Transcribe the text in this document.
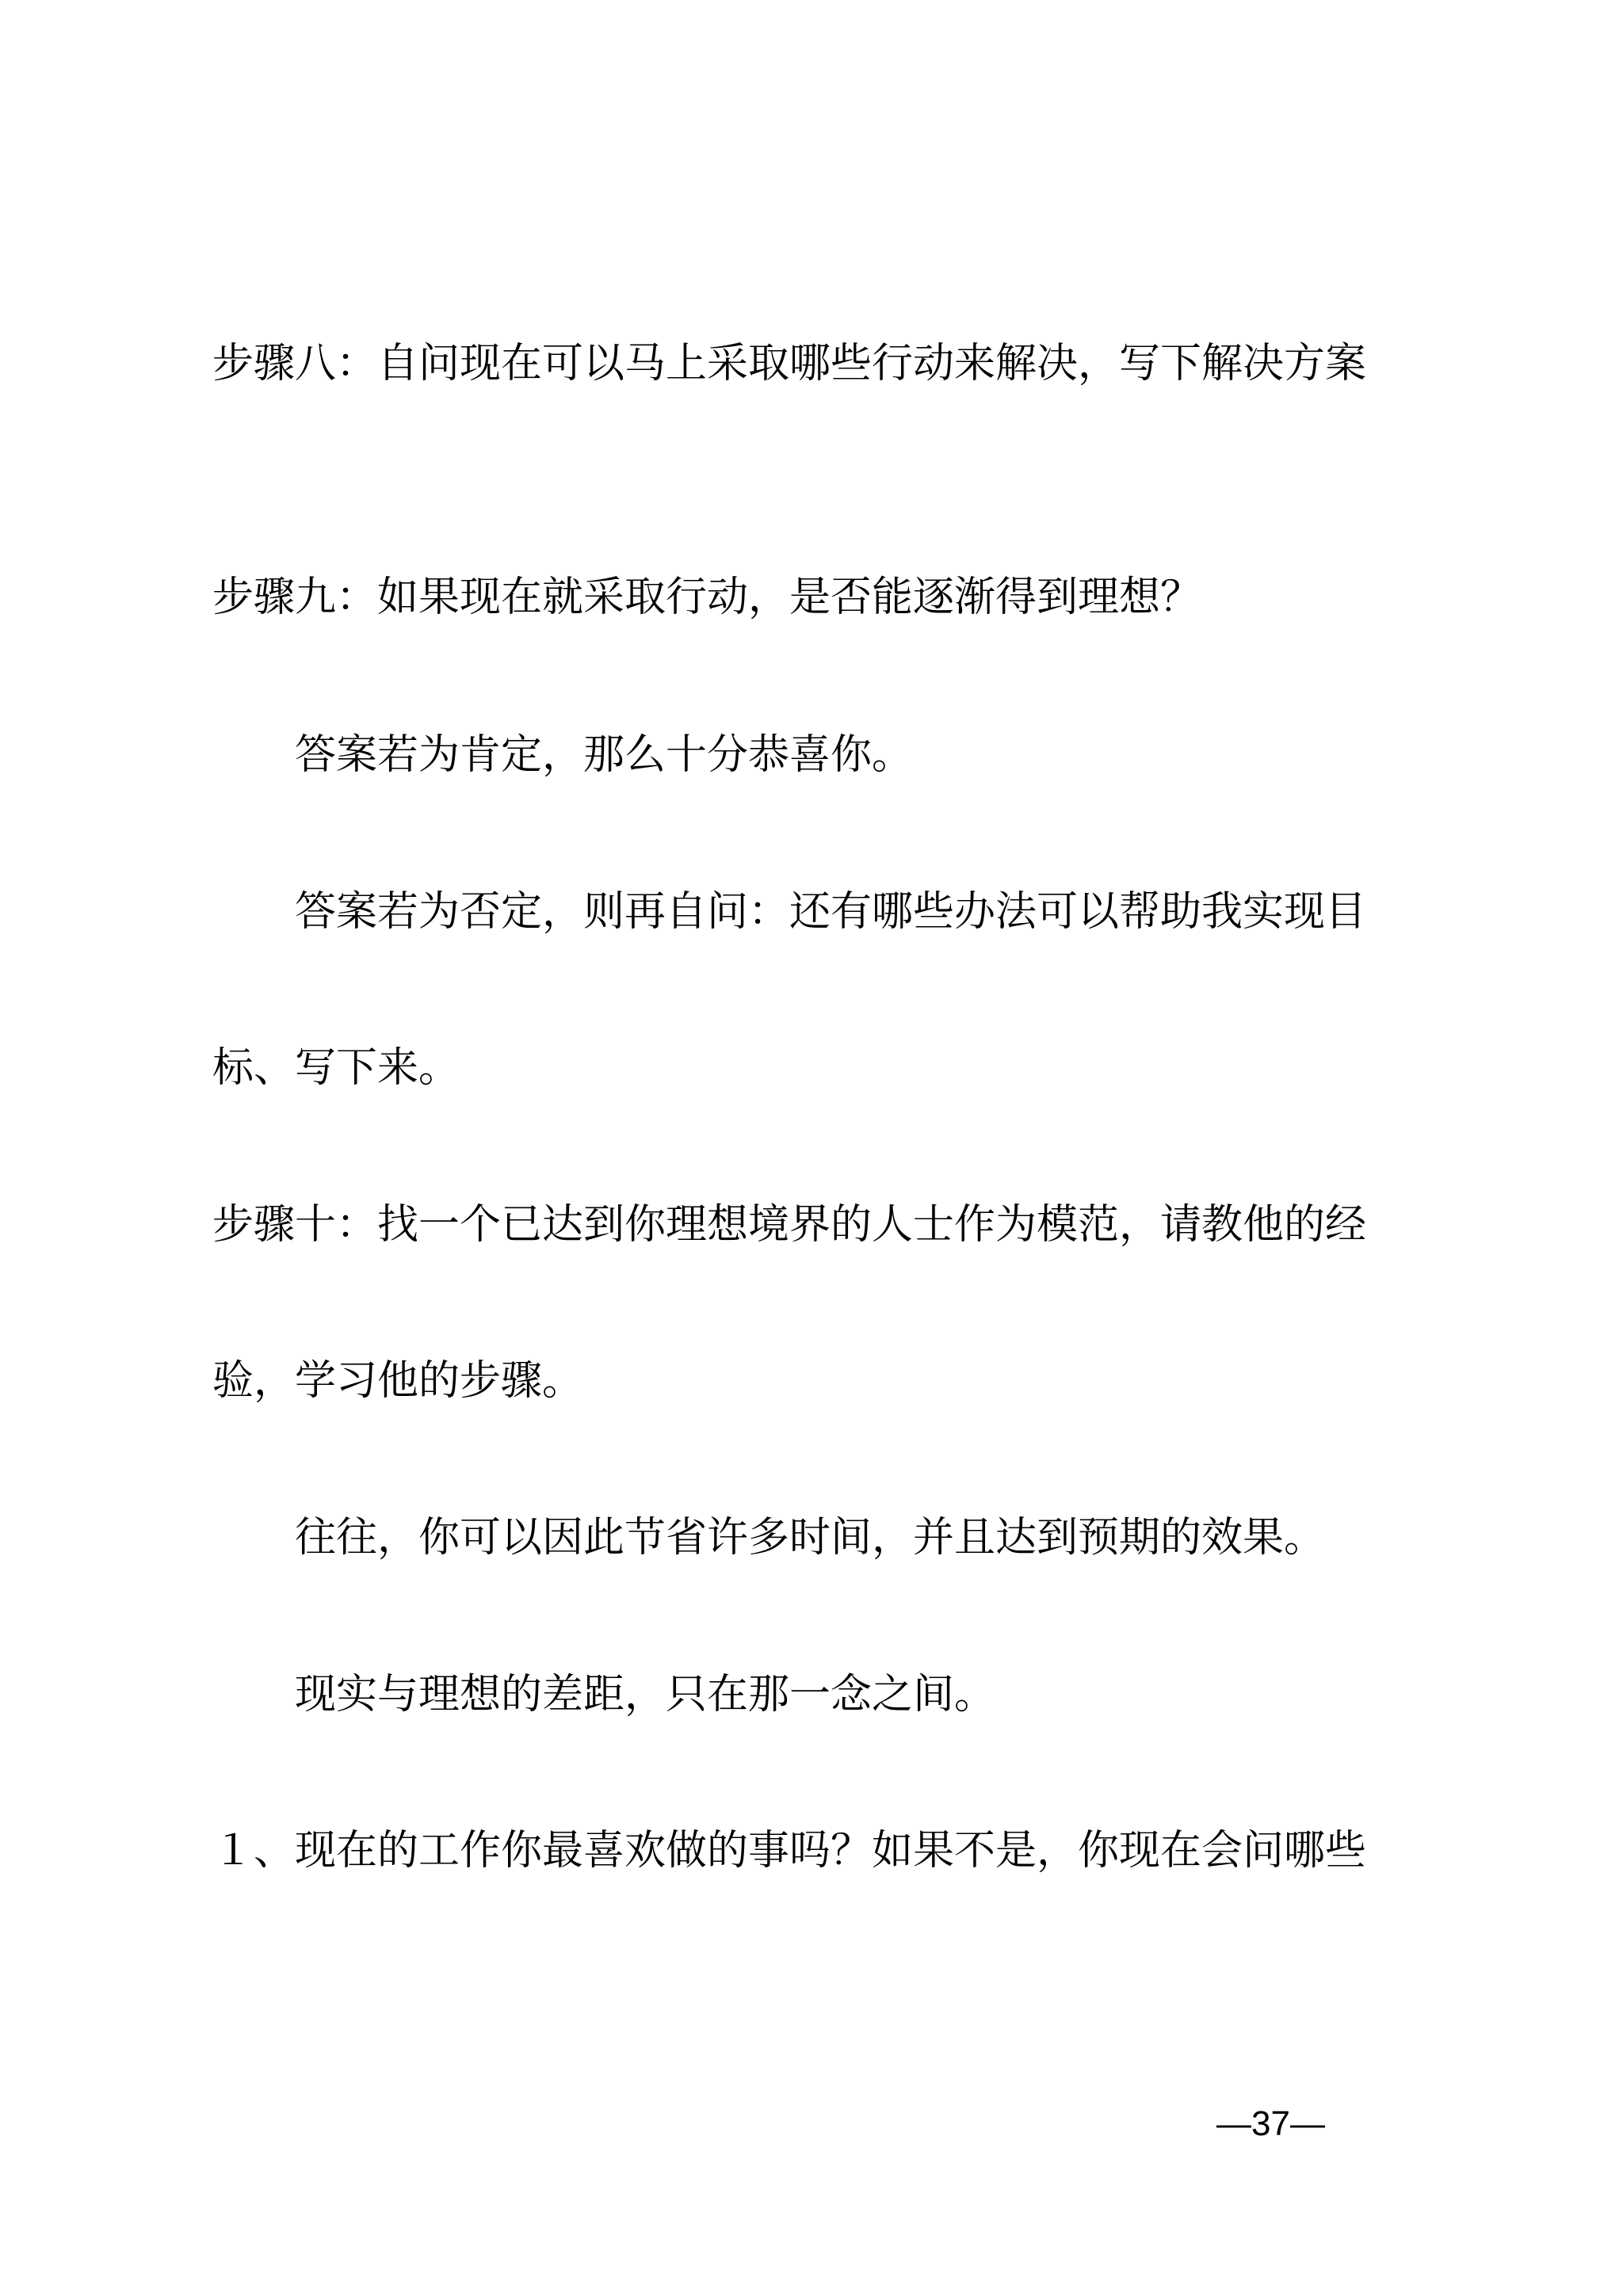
步骤八：自问现在可以马上采取哪些行动来解决，写下解决方案
步骤九：如果现在就采取行动，是否能逐渐得到理想？
答案若为肯定，那么十分恭喜你。
答案若为否定，则再自问：还有哪些办法可以帮助我实现目
标、写下来。
步骤十：找一个已达到你理想境界的人士作为模范，请教他的经
验，学习他的步骤。
往往，你可以因此节省许多时间，并且达到预期的效果。
现实与理想的差距，只在那一念之间。
１、现在的工作你最喜欢做的事吗？如果不是，你现在会问哪些
—37—
